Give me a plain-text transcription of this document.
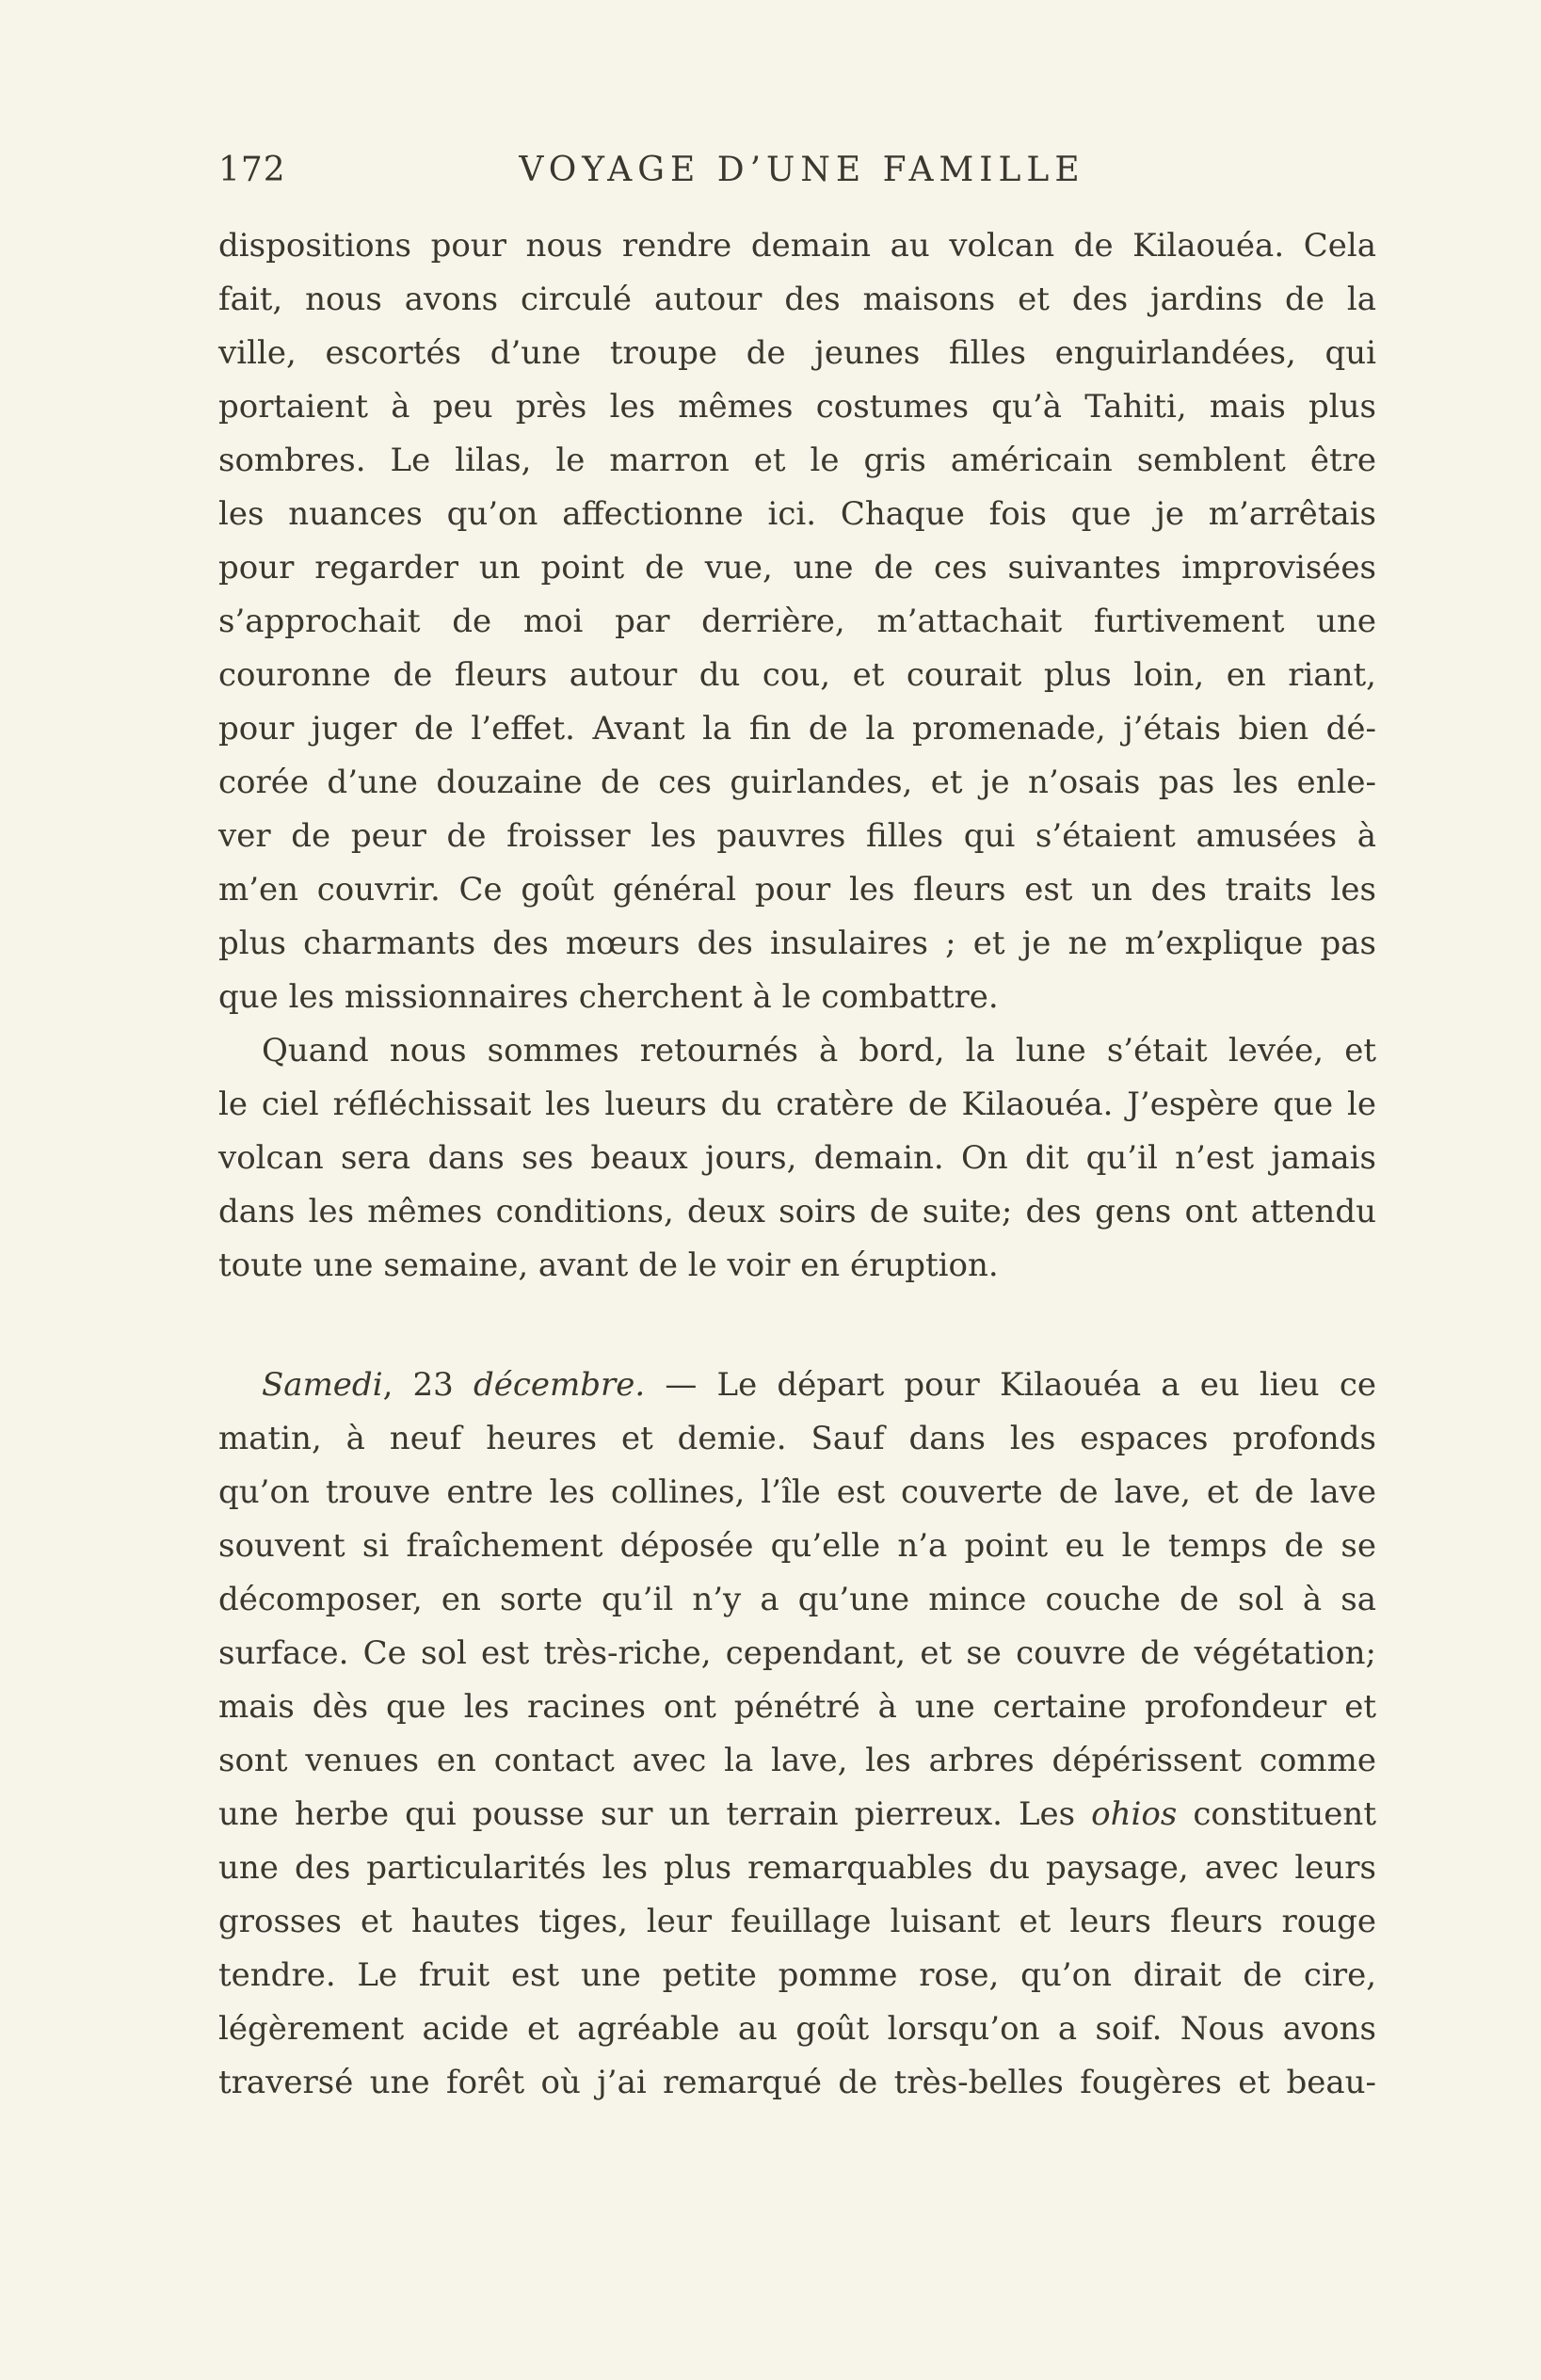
172	VOYAGE D’UNE FAMILLE
dispositions pour nous rendre demain au volcan de Kilaouéa. Cela
fait, nous avons circulé autour des maisons et des jardins de la
ville, escortés d’une troupe de jeunes filles enguirlandées, qui
portaient à peu près les mêmes costumes qu’à Tahiti, mais plus
sombres. Le lilas, le marron et le gris américain semblent être
les nuances qu’on affectionne ici. Chaque fois que je m’arrêtais
pour regarder un point de vue, une de ces suivantes improvisées
s’approchait de moi par derrière, m’attachait furtivement une
couronne de fleurs autour du cou, et courait plus loin, en riant,
pour juger de l’effet. Avant la fin de la promenade, j’étais bien dé-
corée d’une douzaine de ces guirlandes, et je n’osais pas les enle-
ver de peur de froisser les pauvres filles qui s’étaient amusées à
m’en couvrir. Ce goût général pour les fleurs est un des traits les
plus charmants des mœurs des insulaires ; et je ne m’explique pas
que les missionnaires cherchent à le combattre.
Quand nous sommes retournés à bord, la lune s’était levée, et
le ciel réfléchissait les lueurs du cratère de Kilaouéa. J’espère que le
volcan sera dans ses beaux jours, demain. On dit qu’il n’est jamais
dans les mêmes conditions, deux soirs de suite; des gens ont attendu
toute une semaine, avant de le voir en éruption.
Samedi, 23 décembre. — Le départ pour Kilaouéa a eu lieu ce
matin, à neuf heures et demie. Sauf dans les espaces profonds
qu’on trouve entre les collines, l’île est couverte de lave, et de lave
souvent si fraîchement déposée qu’elle n’a point eu le temps de se
décomposer, en sorte qu’il n’y a qu’une mince couche de sol à sa
surface. Ce sol est très-riche, cependant, et se couvre de végétation;
mais dès que les racines ont pénétré à une certaine profondeur et
sont venues en contact avec la lave, les arbres dépérissent comme
une herbe qui pousse sur un terrain pierreux. Les ohios constituent
une des particularités les plus remarquables du paysage, avec leurs
grosses et hautes tiges, leur feuillage luisant et leurs fleurs rouge
tendre. Le fruit est une petite pomme rose, qu’on dirait de cire,
légèrement acide et agréable au goût lorsqu’on a soif. Nous avons
traversé une forêt où j’ai remarqué de très-belles fougères et beau-
